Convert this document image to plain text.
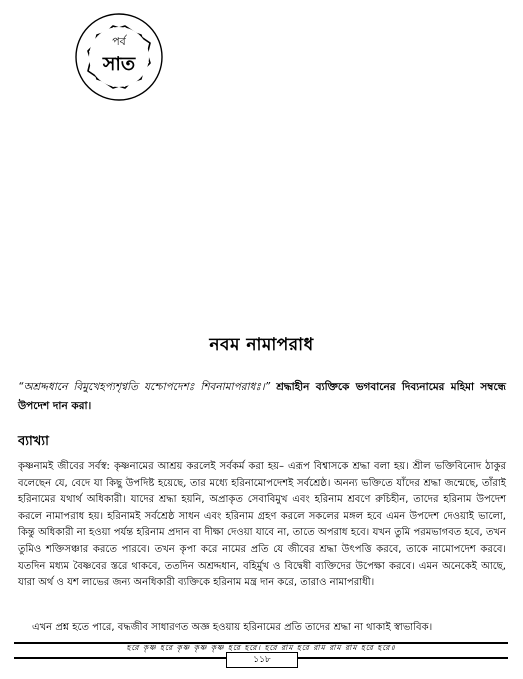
পর্ব
সাত
নবম নামাপরাধ
“অশ্রদ্দধানে বিমুখেহপ্যশৃণ্বতি যশ্চোপদেশঃ শিবনামাপরাধঃ।” শ্রদ্ধাহীন ব্যক্তিকে ভগবানের দিব্যনামের মহিমা সম্বন্ধে উপদেশ দান করা।
ব্যাখ্যা
কৃষ্ণনামই জীবের সর্বস্ব: কৃষ্ণনামের আশ্রয় করলেই সর্বকর্ম করা হয়– এরূপ বিশ্বাসকে শ্রদ্ধা বলা হয়। শ্রীল ভক্তিবিনোদ ঠাকুর বলেছেন যে, বেদে যা কিছু উপদিষ্ট হয়েছে, তার মধ্যে হরিনামোপদেশই সর্বশ্রেষ্ঠ। অনন্য ভক্তিতে যাঁদের শ্রদ্ধা জন্মেছে, তাঁরাই হরিনামের যথার্থ অধিকারী। যাদের শ্রদ্ধা হয়নি, অপ্রাকৃত সেবাবিমুখ এবং হরিনাম শ্রবণে রুচিহীন, তাদের হরিনাম উপদেশ করলে নামাপরাধ হয়। হরিনামই সর্বশ্রেষ্ঠ সাধন এবং হরিনাম গ্রহণ করলে সকলের মঙ্গল হবে এমন উপদেশ দেওয়াই ভালো, কিন্তু অধিকারী না হওয়া পর্যন্ত হরিনাম প্রদান বা দীক্ষা দেওয়া যাবে না, তাতে অপরাধ হবে। যখন তুমি পরমভাগবত হবে, তখন তুমিও শক্তিসঞ্চার করতে পারবে। তখন কৃপা করে নামের প্রতি যে জীবের শ্রদ্ধা উৎপত্তি করবে, তাকে নামোপদেশ করবে। যতদিন মধ্যম বৈষ্ণবের স্তরে থাকবে, ততদিন অশ্রদ্দধান, বহির্মুখ ও বিদ্বেষী ব্যক্তিদের উপেক্ষা করবে। এমন অনেকেই আছে, যারা অর্থ ও যশ লাভের জন্য অনধিকারী ব্যক্তিকে হরিনাম মন্ত্র দান করে, তারাও নামাপরাধী।
এখন প্রশ্ন হতে পারে, বদ্ধজীব সাধারণত অজ্ঞ হওয়ায় হরিনামের প্রতি তাদের শ্রদ্ধা না থাকাই স্বাভাবিক।
হরে কৃষ্ণ হরে কৃষ্ণ কৃষ্ণ কৃষ্ণ হরে হরে। হরে রাম হরে রাম রাম রাম হরে হরে॥
১১৮
